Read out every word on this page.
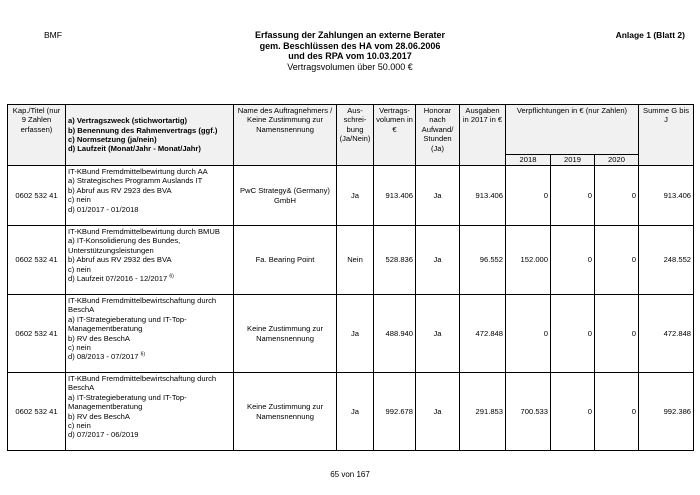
BMF	Anlage 1 (Blatt 2)
Erfassung der Zahlungen an externe Berater
gem. Beschlüssen des HA vom 28.06.2006
und des RPA vom 10.03.2017
Vertragsvolumen über 50.000 €
Kap./Titel (nur 9 Zahlen erfassen)	a) Vertragszweck (stichwortartig)
b) Benennung des Rahmenvertrags (ggf.)
c) Normsetzung (ja/nein)
d) Laufzeit (Monat/Jahr - Monat/Jahr)	Name des Auftragnehmers / Keine Zustimmung zur Namensnennung	Aus-schrei-bung (Ja/Nein)	Vertrags-volumen in €	Honorar nach Aufwand/ Stunden (Ja)	Ausgaben in 2017 in €	Verpflichtungen in € (nur Zahlen)			Summe G bis J
							2018	2019	2020	
0602 532 41	IT-KBund Fremdmittelbewirtung durch AA
a) Strategisches Programm Auslands IT
b) Abruf aus RV 2923 des BVA
c) nein
d) 01/2017 - 01/2018	PwC Strategy& (Germany) GmbH	Ja	913.406	Ja	913.406	0	0	0	913.406
0602 532 41	IT-KBund Fremdmittelbewirtung durch BMUB
a) IT-Konsolidierung des Bundes, Unterstützungsleistungen
b) Abruf aus RV 2932 des BVA
c) nein
d) Laufzeit 07/2016 - 12/2017 $^{6)}$	Fa. Bearing Point	Nein	528.836	Ja	96.552	152.000	0	0	248.552
0602 532 41	IT-KBund Fremdmittelbewirtschaftung durch BeschA
a) IT-Strategieberatung und IT-Top-Managementberatung
b) RV des BeschA
c) nein
d) 08/2013 - 07/2017 $^{6)}$	Keine Zustimmung zur Namensnennung	Ja	488.940	Ja	472.848	0	0	0	472.848
0602 532 41	IT-KBund Fremdmittelbewirtschaftung durch BeschA
a) IT-Strategieberatung und IT-Top-Managementberatung
b) RV des BeschA
c) nein
d) 07/2017 - 06/2019	Keine Zustimmung zur Namensnennung	Ja	992.678	Ja	291.853	700.533	0	0	992.386
65 von 167
